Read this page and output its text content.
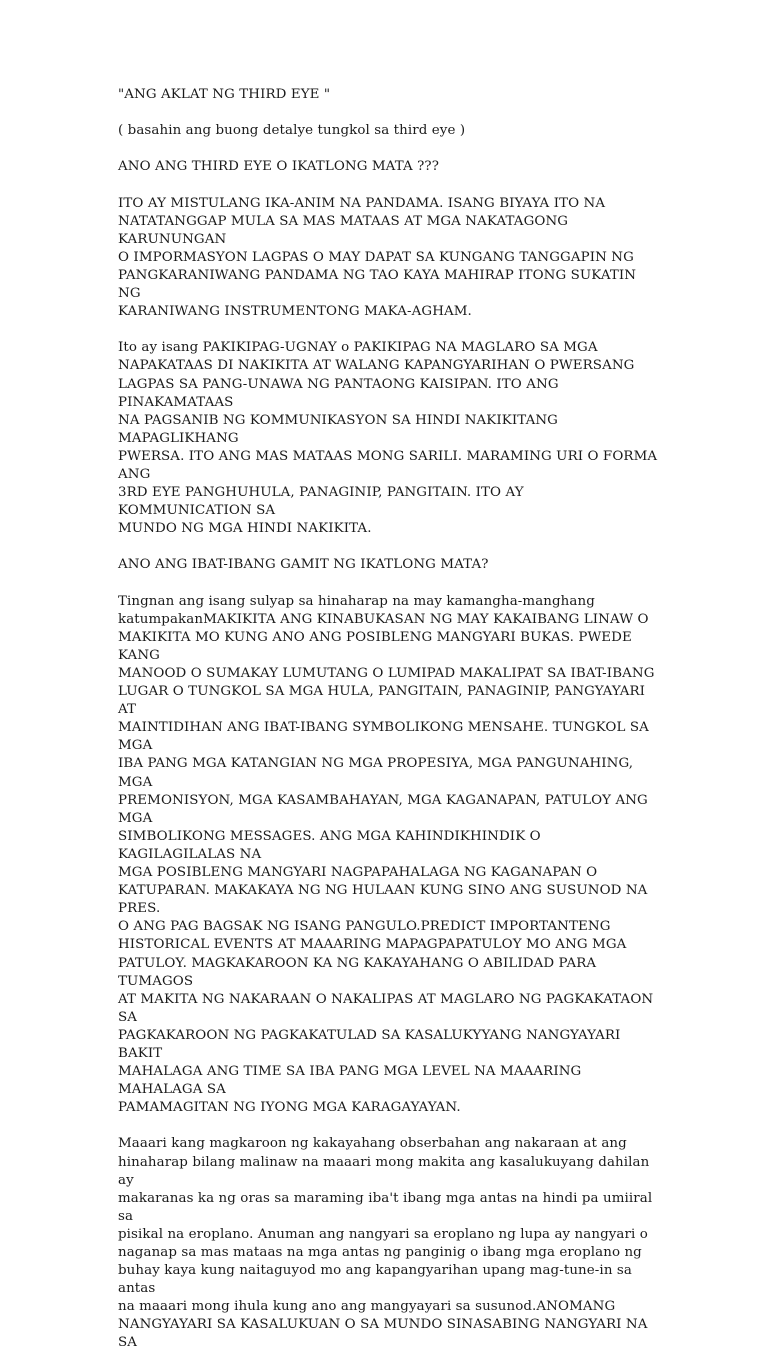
"ANG AKLAT NG THIRD EYE "

( basahin ang buong detalye tungkol sa third eye )

ANO ANG THIRD EYE O IKATLONG MATA ???

ITO AY MISTULANG IKA-ANIM NA PANDAMA. ISANG BIYAYA ITO NA
NATATANGGAP MULA SA MAS MATAAS AT MGA NAKATAGONG KARUNUNGAN
O IMPORMASYON LAGPAS O MAY DAPAT SA KUNGANG TANGGAPIN NG
PANGKARANIWANG PANDAMA NG TAO KAYA MAHIRAP ITONG SUKATIN NG
KARANIWANG INSTRUMENTONG MAKA-AGHAM.

Ito ay isang PAKIKIPAG-UGNAY o PAKIKIPAG NA MAGLARO SA MGA
NAPAKATAAS DI NAKIKITA AT WALANG KAPANGYARIHAN O PWERSANG
LAGPAS SA PANG-UNAWA NG PANTAONG KAISIPAN. ITO ANG PINAKAMATAAS
NA PAGSANIB NG KOMMUNIKASYON SA HINDI NAKIKITANG MAPAGLIKHANG
PWERSA. ITO ANG MAS MATAAS MONG SARILI. MARAMING URI O FORMA ANG
3RD EYE PANGHUHULA, PANAGINIP, PANGITAIN. ITO AY KOMMUNICATION SA
MUNDO NG MGA HINDI NAKIKITA.

ANO ANG IBAT-IBANG GAMIT NG IKATLONG MATA?

Tingnan ang isang sulyap sa hinaharap na may kamangha-manghang
katumpakanMAKIKITA ANG KINABUKASAN NG MAY KAKAIBANG LINAW O
MAKIKITA MO KUNG ANO ANG POSIBLENG MANGYARI BUKAS. PWEDE KANG
MANOOD O SUMAKAY LUMUTANG O LUMIPAD MAKALIPAT SA IBAT-IBANG
LUGAR O TUNGKOL SA MGA HULA, PANGITAIN, PANAGINIP, PANGYAYARI AT
MAINTIDIHAN ANG IBAT-IBANG SYMBOLIKONG MENSAHE. TUNGKOL SA MGA
IBA PANG MGA KATANGIAN NG MGA PROPESIYA, MGA PANGUNAHING, MGA
PREMONISYON, MGA KASAMBAHAYAN, MGA KAGANAPAN, PATULOY ANG MGA
SIMBOLIKONG MESSAGES. ANG MGA KAHINDIKHINDIK O KAGILAGILALAS NA
MGA POSIBLENG MANGYARI NAGPAPAHALAGA NG KAGANAPAN O
KATUPARAN. MAKAKAYA NG NG HULAAN KUNG SINO ANG SUSUNOD NA PRES.
O ANG PAG BAGSAK NG ISANG PANGULO.PREDICT IMPORTANTENG
HISTORICAL EVENTS AT MAAARING MAPAGPAPATULOY MO ANG MGA
PATULOY. MAGKAKAROON KA NG KAKAYAHANG O ABILIDAD PARA TUMAGOS
AT MAKITA NG NAKARAAN O NAKALIPAS AT MAGLARO NG PAGKAKATAON SA
PAGKAKAROON NG PAGKAKATULAD SA KASALUKYYANG NANGYAYARI BAKIT
MAHALAGA ANG TIME SA IBA PANG MGA LEVEL NA MAAARING MAHALAGA SA
PAMAMAGITAN NG IYONG MGA KARAGAYAYAN.

Maaari kang magkaroon ng kakayahang obserbahan ang nakaraan at ang
hinaharap bilang malinaw na maaari mong makita ang kasalukuyang dahilan ay
makaranas ka ng oras sa maraming iba't ibang mga antas na hindi pa umiiral sa
pisikal na eroplano. Anuman ang nangyari sa eroplano ng lupa ay nangyari o
naganap sa mas mataas na mga antas ng panginig o ibang mga eroplano ng
buhay kaya kung naitaguyod mo ang kapangyarihan upang mag-tune-in sa antas
na maaari mong ihula kung ano ang mangyayari sa susunod.ANOMANG
NANGYAYARI SA KASALUKUAN O SA MUNDO SINASABING NANGYARI NA SA
